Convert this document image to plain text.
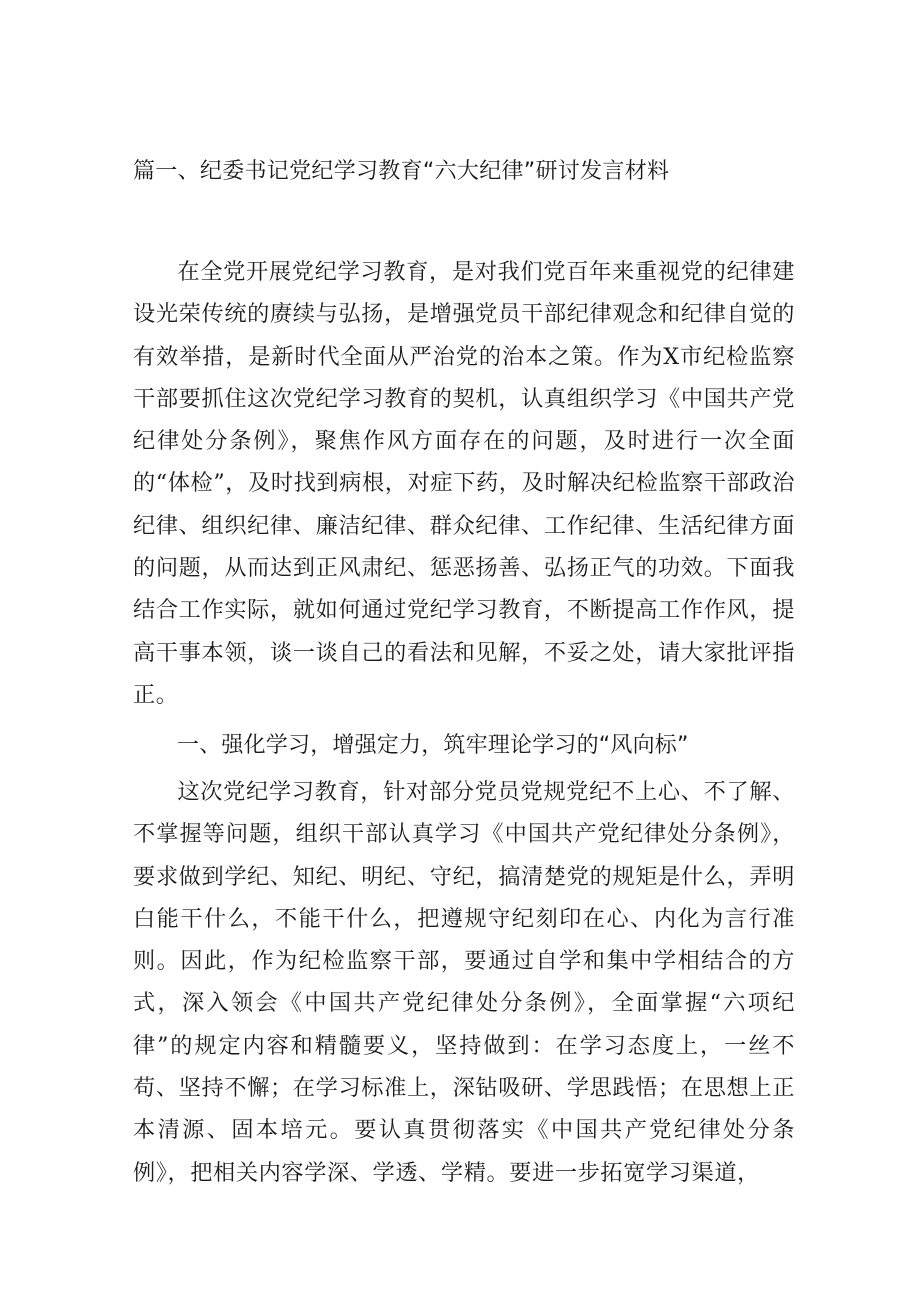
篇一、纪委书记党纪学习教育“六大纪律”研讨发言材料

在全党开展党纪学习教育，是对我们党百年来重视党的纪律建设光荣传统的赓续与弘扬，是增强党员干部纪律观念和纪律自觉的有效举措，是新时代全面从严治党的治本之策。作为X市纪检监察干部要抓住这次党纪学习教育的契机，认真组织学习《中国共产党纪律处分条例》，聚焦作风方面存在的问题，及时进行一次全面的“体检”，及时找到病根，对症下药，及时解决纪检监察干部政治纪律、组织纪律、廉洁纪律、群众纪律、工作纪律、生活纪律方面的问题，从而达到正风肃纪、惩恶扬善、弘扬正气的功效。下面我结合工作实际，就如何通过党纪学习教育，不断提高工作作风，提高干事本领，谈一谈自己的看法和见解，不妥之处，请大家批评指正。

一、强化学习，增强定力，筑牢理论学习的“风向标”

这次党纪学习教育，针对部分党员党规党纪不上心、不了解、不掌握等问题，组织干部认真学习《中国共产党纪律处分条例》，要求做到学纪、知纪、明纪、守纪，搞清楚党的规矩是什么，弄明白能干什么，不能干什么，把遵规守纪刻印在心、内化为言行准则。因此，作为纪检监察干部，要通过自学和集中学相结合的方式，深入领会《中国共产党纪律处分条例》，全面掌握“六项纪律”的规定内容和精髓要义，坚持做到：在学习态度上，一丝不苟、坚持不懈；在学习标准上，深钻吸研、学思践悟；在思想上正本清源、固本培元。要认真贯彻落实《中国共产党纪律处分条例》，把相关内容学深、学透、学精。要进一步拓宽学习渠道，
